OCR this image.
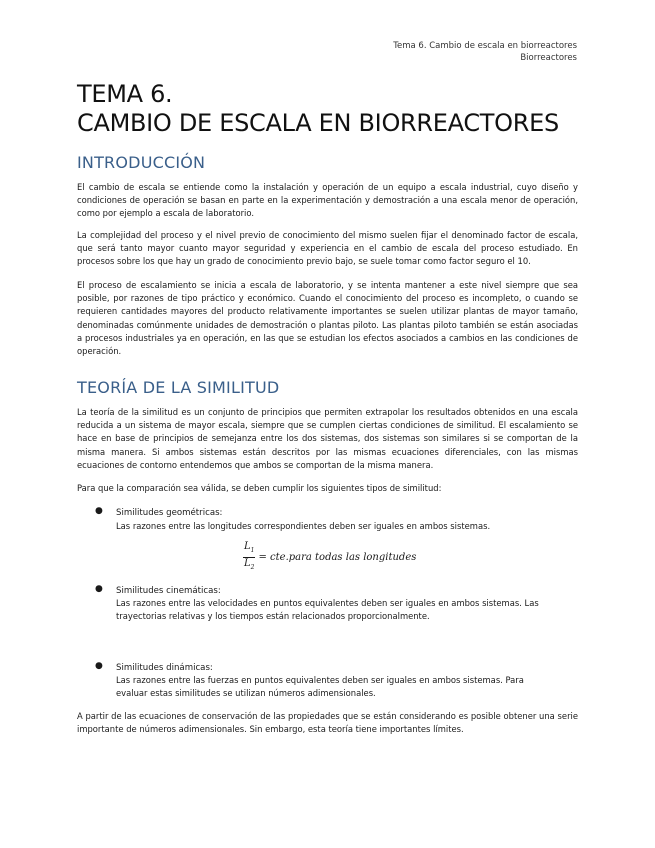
Tema 6. Cambio de escala en biorreactores
Biorreactores
TEMA 6.
CAMBIO DE ESCALA EN BIORREACTORES
INTRODUCCIÓN

El cambio de escala se entiende como la instalación y operación de un equipo a escala industrial, cuyo diseño y condiciones de operación se basan en parte en la experimentación y demostración a una escala menor de operación, como por ejemplo a escala de laboratorio.

La complejidad del proceso y el nivel previo de conocimiento del mismo suelen fijar el denominado factor de escala, que será tanto mayor cuanto mayor seguridad y experiencia en el cambio de escala del proceso estudiado. En procesos sobre los que hay un grado de conocimiento previo bajo, se suele tomar como factor seguro el 10.

El proceso de escalamiento se inicia a escala de laboratorio, y se intenta mantener a este nivel siempre que sea posible, por razones de tipo práctico y económico. Cuando el conocimiento del proceso es incompleto, o cuando se requieren cantidades mayores del producto relativamente importantes se suelen utilizar plantas de mayor tamaño, denominadas comúnmente unidades de demostración o plantas piloto. Las plantas piloto también se están asociadas a procesos industriales ya en operación, en las que se estudian los efectos asociados a cambios en las condiciones de operación.

TEORÍA DE LA SIMILITUD

La teoría de la similitud es un conjunto de principios que permiten extrapolar los resultados obtenidos en una escala reducida a un sistema de mayor escala, siempre que se cumplen ciertas condiciones de similitud. El escalamiento se hace en base de principios de semejanza entre los dos sistemas, dos sistemas son similares si se comportan de la misma manera. Si ambos sistemas están descritos por las mismas ecuaciones diferenciales, con las mismas ecuaciones de contorno entendemos que ambos se comportan de la misma manera.

Para que la comparación sea válida, se deben cumplir los siguientes tipos de similitud:

● Similitudes geométricas:

Las razones entre las longitudes correspondientes deben ser iguales en ambos sistemas.

$\frac{L_1}{L_2}$ = cte.para todas las longitudes
● Similitudes cinemáticas:

Las razones entre las velocidades en puntos equivalentes deben ser iguales en ambos sistemas. Las trayectorias relativas y los tiempos están relacionados proporcionalmente.

● Similitudes dinámicas:

Las razones entre las fuerzas en puntos equivalentes deben ser iguales en ambos sistemas. Para evaluar estas similitudes se utilizan números adimensionales.

A partir de las ecuaciones de conservación de las propiedades que se están considerando es posible obtener una serie importante de números adimensionales. Sin embargo, esta teoría tiene importantes límites.
